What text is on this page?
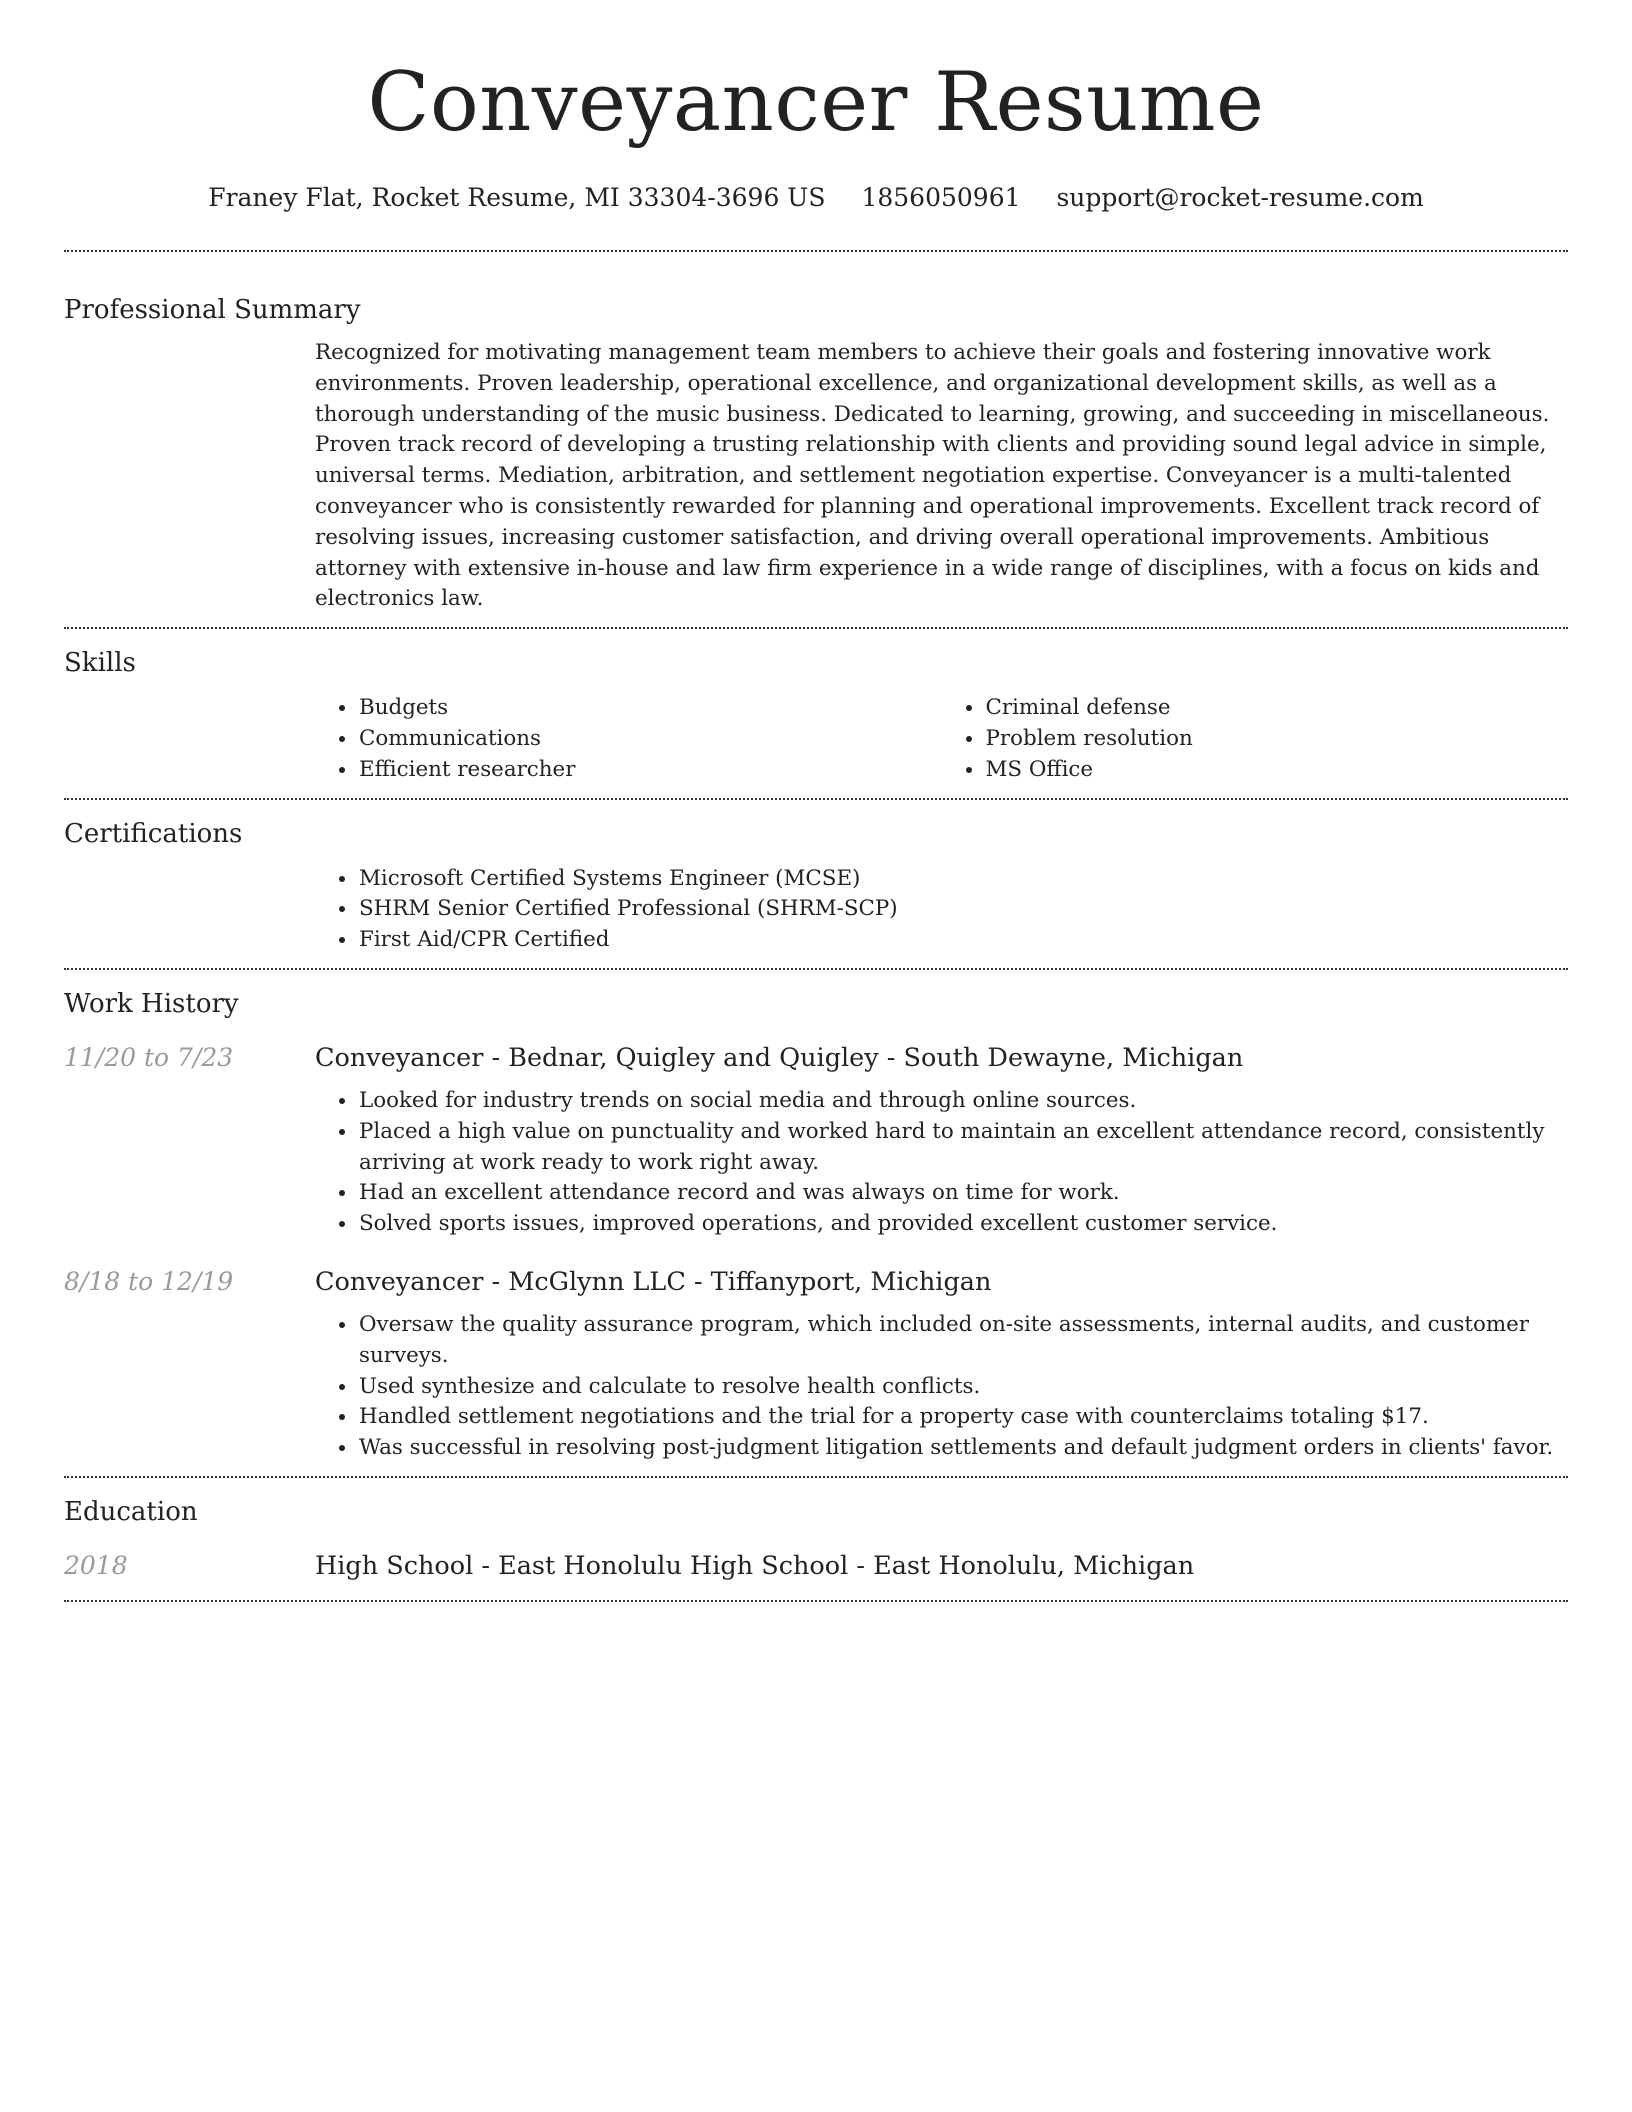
Conveyancer Resume
Franey Flat, Rocket Resume, MI 33304-3696 US 1856050961 support@rocket-resume.com
Professional Summary
Recognized for motivating management team members to achieve their goals and fostering innovative work environments. Proven leadership, operational excellence, and organizational development skills, as well as a thorough understanding of the music business. Dedicated to learning, growing, and succeeding in miscellaneous. Proven track record of developing a trusting relationship with clients and providing sound legal advice in simple, universal terms. Mediation, arbitration, and settlement negotiation expertise. Conveyancer is a multi-talented conveyancer who is consistently rewarded for planning and operational improvements. Excellent track record of resolving issues, increasing customer satisfaction, and driving overall operational improvements. Ambitious attorney with extensive in-house and law firm experience in a wide range of disciplines, with a focus on kids and electronics law.
Skills
• Budgets
• Communications
• Efficient researcher
• Criminal defense
• Problem resolution
• MS Office
Certifications
• Microsoft Certified Systems Engineer (MCSE)
• SHRM Senior Certified Professional (SHRM-SCP)
• First Aid/CPR Certified
Work History
11/20 to 7/23	Conveyancer - Bednar, Quigley and Quigley - South Dewayne, Michigan
• Looked for industry trends on social media and through online sources.
• Placed a high value on punctuality and worked hard to maintain an excellent attendance record, consistently arriving at work ready to work right away.
• Had an excellent attendance record and was always on time for work.
• Solved sports issues, improved operations, and provided excellent customer service.
8/18 to 12/19	Conveyancer - McGlynn LLC - Tiffanyport, Michigan
• Oversaw the quality assurance program, which included on-site assessments, internal audits, and customer surveys.
• Used synthesize and calculate to resolve health conflicts.
• Handled settlement negotiations and the trial for a property case with counterclaims totaling $17.
• Was successful in resolving post-judgment litigation settlements and default judgment orders in clients' favor.
Education
2018	High School - East Honolulu High School - East Honolulu, Michigan
